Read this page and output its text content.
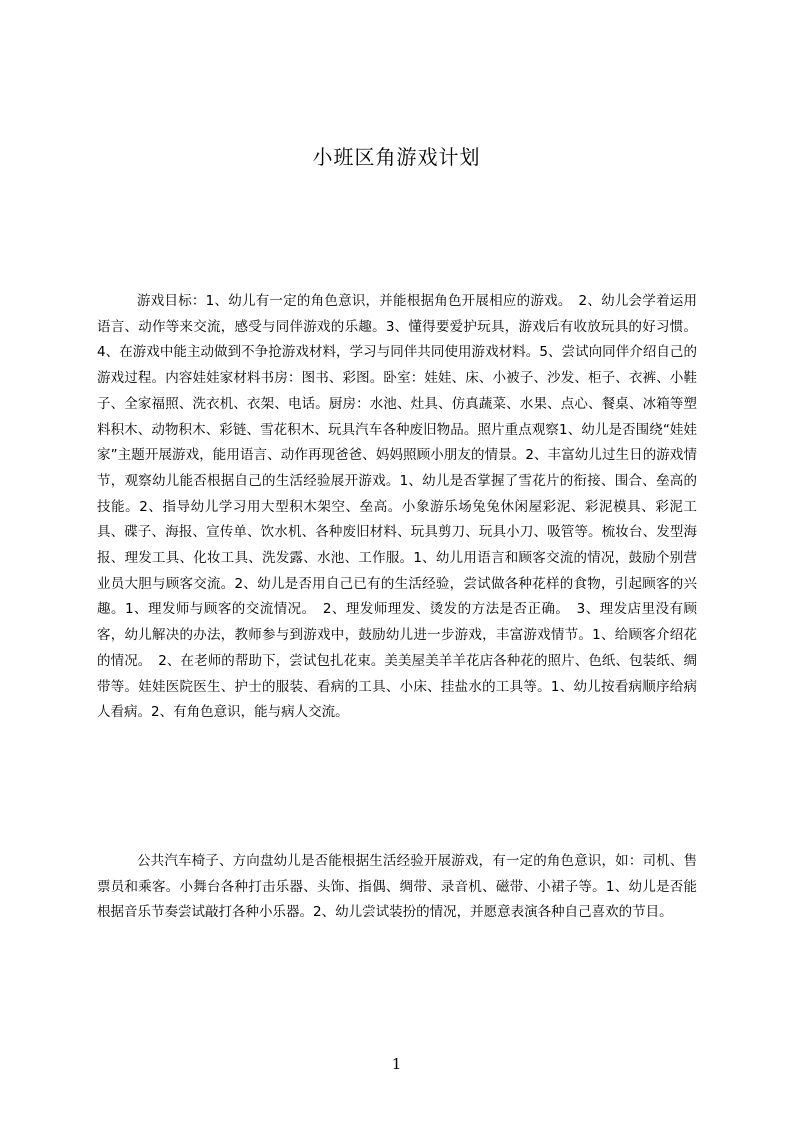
小班区角游戏计划

游戏目标：1、幼儿有一定的角色意识，并能根据角色开展相应的游戏。　2、幼儿会学着运用语言、动作等来交流，感受与同伴游戏的乐趣。3、懂得要爱护玩具，游戏后有收放玩具的好习惯。4、在游戏中能主动做到不争抢游戏材料，学习与同伴共同使用游戏材料。5、尝试向同伴介绍自己的游戏过程。内容娃娃家材料书房：图书、彩图。卧室：娃娃、床、小被子、沙发、柜子、衣裤、小鞋子、全家福照、洗衣机、衣架、电话。厨房：水池、灶具、仿真蔬菜、水果、点心、餐桌、冰箱等塑料积木、动物积木、彩链、雪花积木、玩具汽车各种废旧物品。照片重点观察1、幼儿是否围绕“娃娃家”主题开展游戏，能用语言、动作再现爸爸、妈妈照顾小朋友的情景。2、丰富幼儿过生日的游戏情节，观察幼儿能否根据自己的生活经验展开游戏。1、幼儿是否掌握了雪花片的衔接、围合、垒高的技能。2、指导幼儿学习用大型积木架空、垒高。小象游乐场兔兔休闲屋彩泥、彩泥模具、彩泥工具、碟子、海报、宣传单、饮水机、各种废旧材料、玩具剪刀、玩具小刀、吸管等。梳妆台、发型海报、理发工具、化妆工具、洗发露、水池、工作服。1、幼儿用语言和顾客交流的情况，鼓励个别营业员大胆与顾客交流。2、幼儿是否用自己已有的生活经验，尝试做各种花样的食物，引起顾客的兴趣。1、理发师与顾客的交流情况。　2、理发师理发、烫发的方法是否正确。　3、理发店里没有顾客，幼儿解决的办法，教师参与到游戏中，鼓励幼儿进一步游戏，丰富游戏情节。1、给顾客介绍花的情况。　2、在老师的帮助下，尝试包扎花束。美美屋美羊羊花店各种花的照片、色纸、包装纸、绸带等。娃娃医院医生、护士的服装、看病的工具、小床、挂盐水的工具等。1、幼儿按看病顺序给病人看病。2、有角色意识，能与病人交流。

公共汽车椅子、方向盘幼儿是否能根据生活经验开展游戏，有一定的角色意识，如：司机、售票员和乘客。小舞台各种打击乐器、头饰、指偶、绸带、录音机、磁带、小裙子等。1、幼儿是否能根据音乐节奏尝试敲打各种小乐器。2、幼儿尝试装扮的情况，并愿意表演各种自己喜欢的节目。

1
